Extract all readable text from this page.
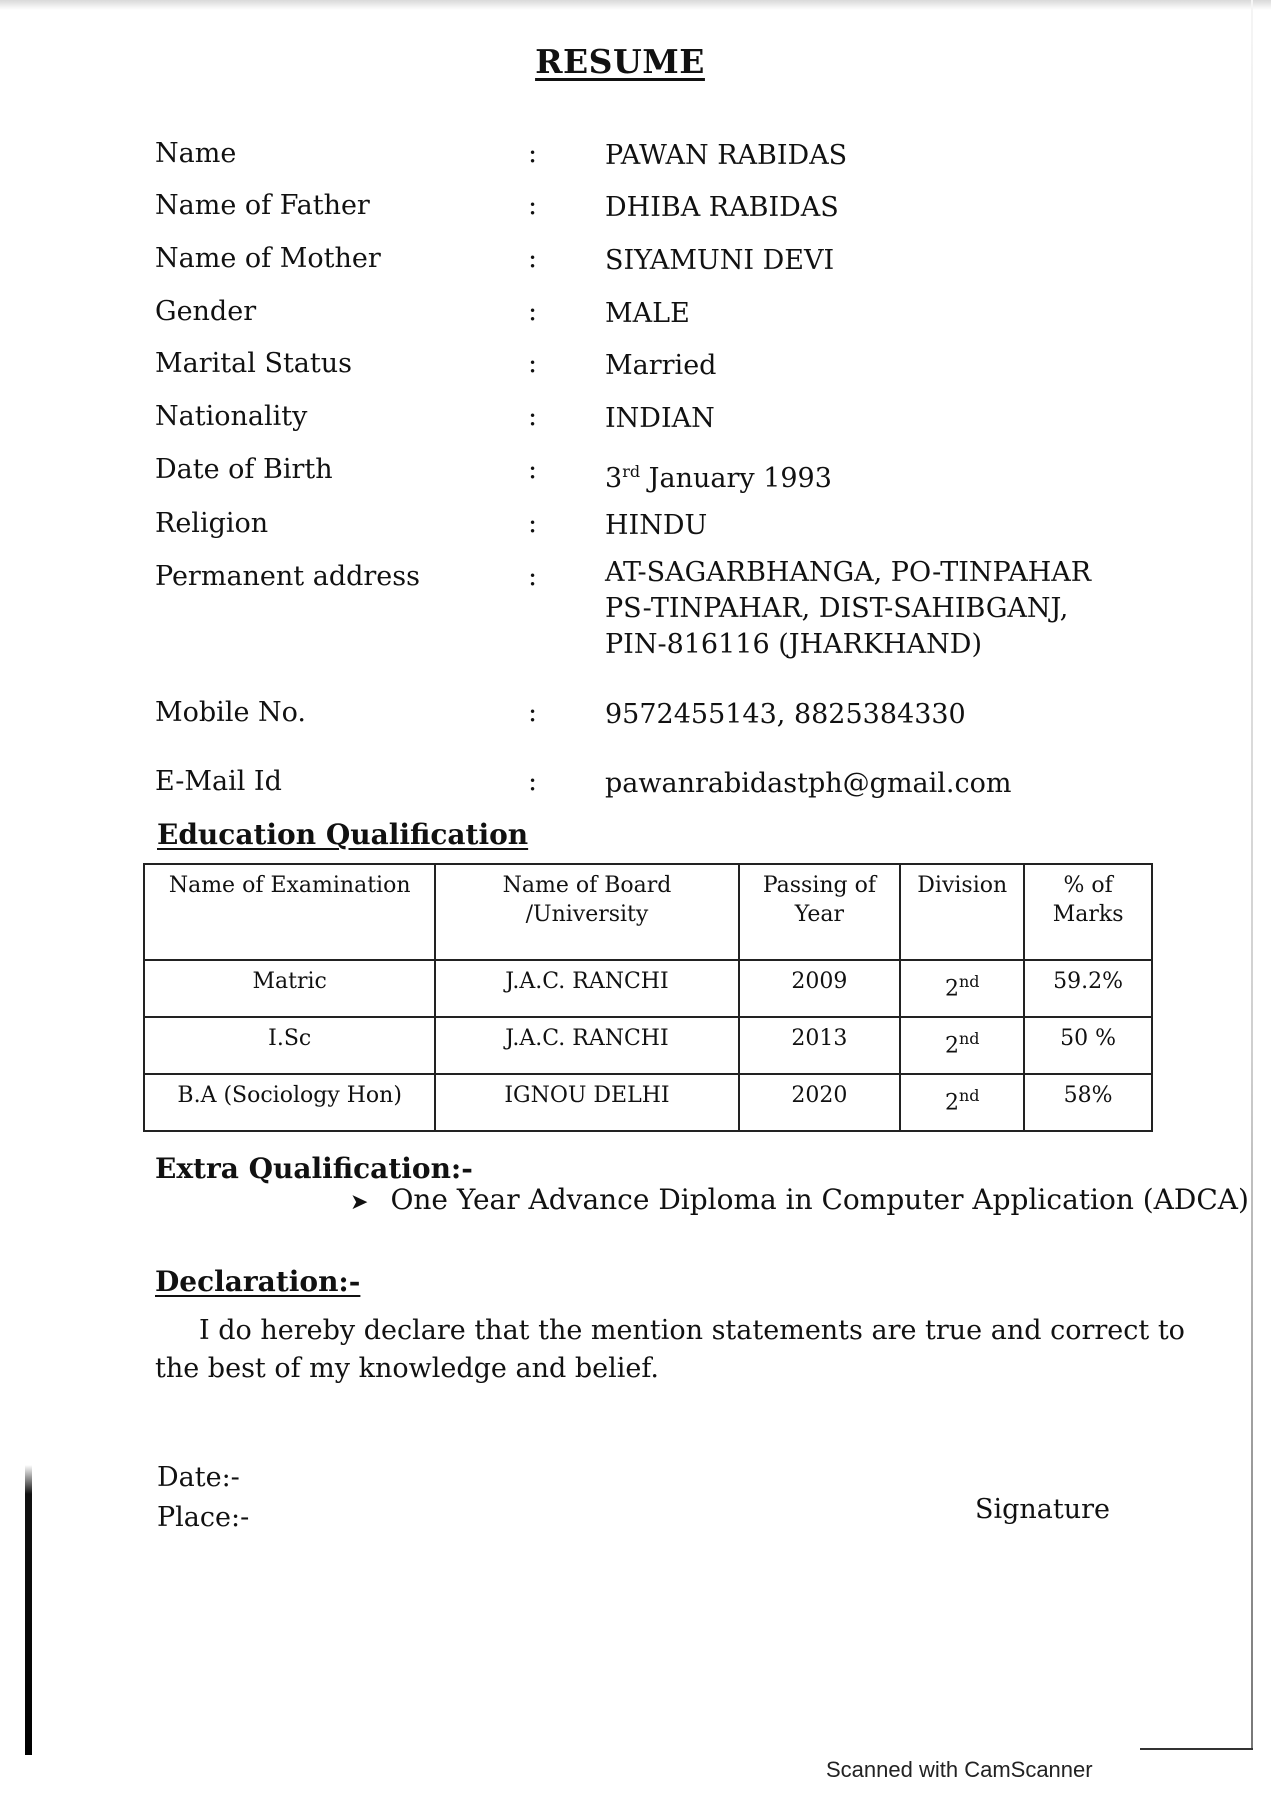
RESUME
Name	:	PAWAN RABIDAS
Name of Father	:	DHIBA RABIDAS
Name of Mother	:	SIYAMUNI DEVI
Gender	:	MALE
Marital Status	:	Married
Nationality	:	INDIAN
Date of Birth	:	3rd January 1993
Religion	:	HINDU
Permanent address	:	AT-SAGARBHANGA, PO-TINPAHAR
PS-TINPAHAR, DIST-SAHIBGANJ,
PIN-816116 (JHARKHAND)
Mobile No.	:	9572455143, 8825384330
E-Mail Id	:	pawanrabidastph@gmail.com
Education Qualification
Name of Examination	Name of Board /University	Passing of Year	Division	% of Marks
Matric	J.A.C. RANCHI	2009	2nd	59.2%
I.Sc	J.A.C. RANCHI	2013	2nd	50 %
B.A (Sociology Hon)	IGNOU DELHI	2020	2nd	58%
Extra Qualification:-
➤ One Year Advance Diploma in Computer Application (ADCA)
Declaration:-
I do hereby declare that the mention statements are true and correct to the best of my knowledge and belief.
Date:-
Place:-	Signature
Scanned with CamScanner
